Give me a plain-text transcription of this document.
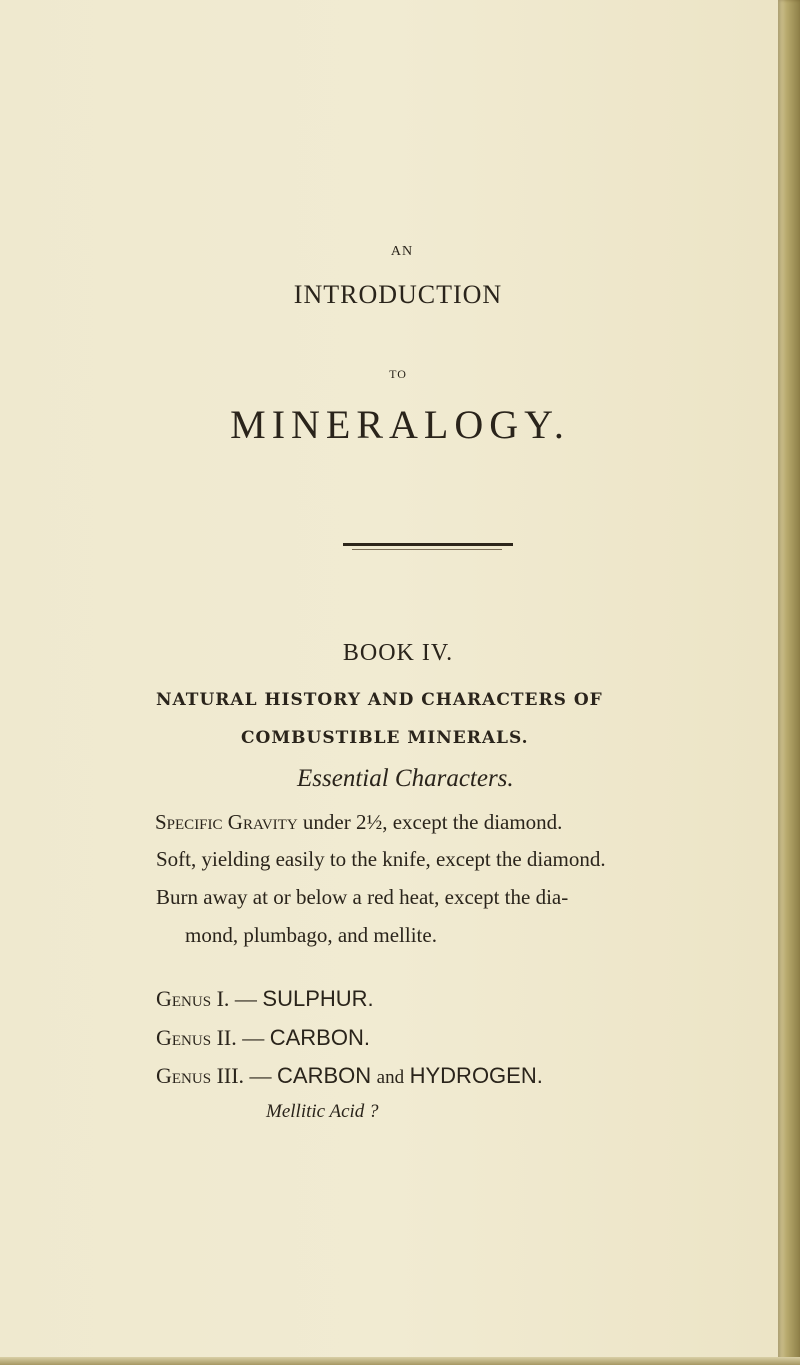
AN
INTRODUCTION
TO
MINERALOGY.
BOOK IV.
NATURAL HISTORY AND CHARACTERS OF
COMBUSTIBLE MINERALS.
Essential Characters.
Specific Gravity under 2½, except the diamond.
Soft, yielding easily to the knife, except the diamond.
Burn away at or below a red heat, except the dia-
mond, plumbago, and mellite.
Genus I. — SULPHUR.
Genus II. — CARBON.
Genus III. — CARBON and HYDROGEN.
Mellitic Acid ?
